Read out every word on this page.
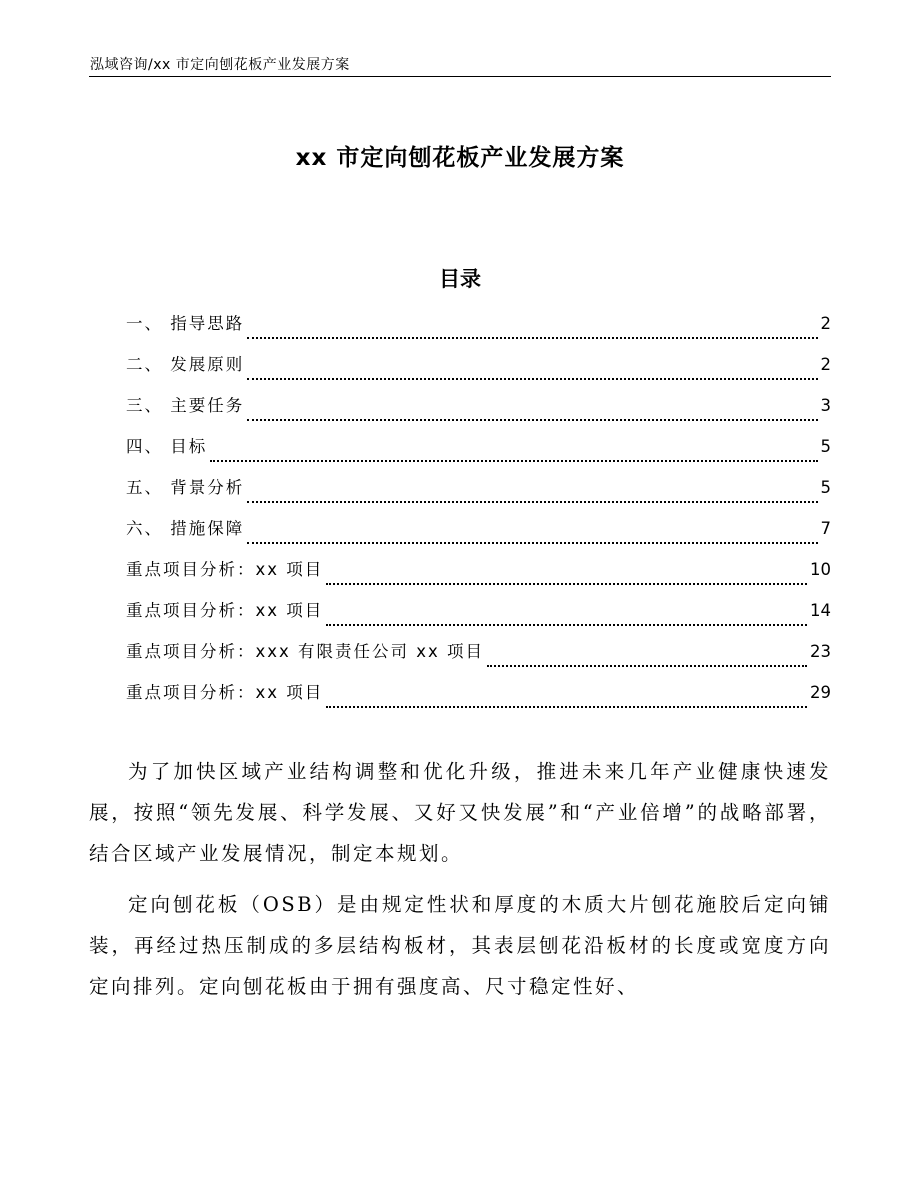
泓域咨询/xx 市定向刨花板产业发展方案
xx 市定向刨花板产业发展方案
目录
一、 指导思路	2
二、 发展原则	2
三、 主要任务	3
四、 目标	5
五、 背景分析	5
六、 措施保障	7
重点项目分析：xx 项目	10
重点项目分析：xx 项目	14
重点项目分析：xxx 有限责任公司 xx 项目	23
重点项目分析：xx 项目	29

为了加快区域产业结构调整和优化升级，推进未来几年产业健康快速发展，按照“领先发展、科学发展、又好又快发展”和“产业倍增”的战略部署，结合区域产业发展情况，制定本规划。

定向刨花板（OSB）是由规定性状和厚度的木质大片刨花施胶后定向铺装，再经过热压制成的多层结构板材，其表层刨花沿板材的长度或宽度方向定向排列。定向刨花板由于拥有强度高、尺寸稳定性好、
